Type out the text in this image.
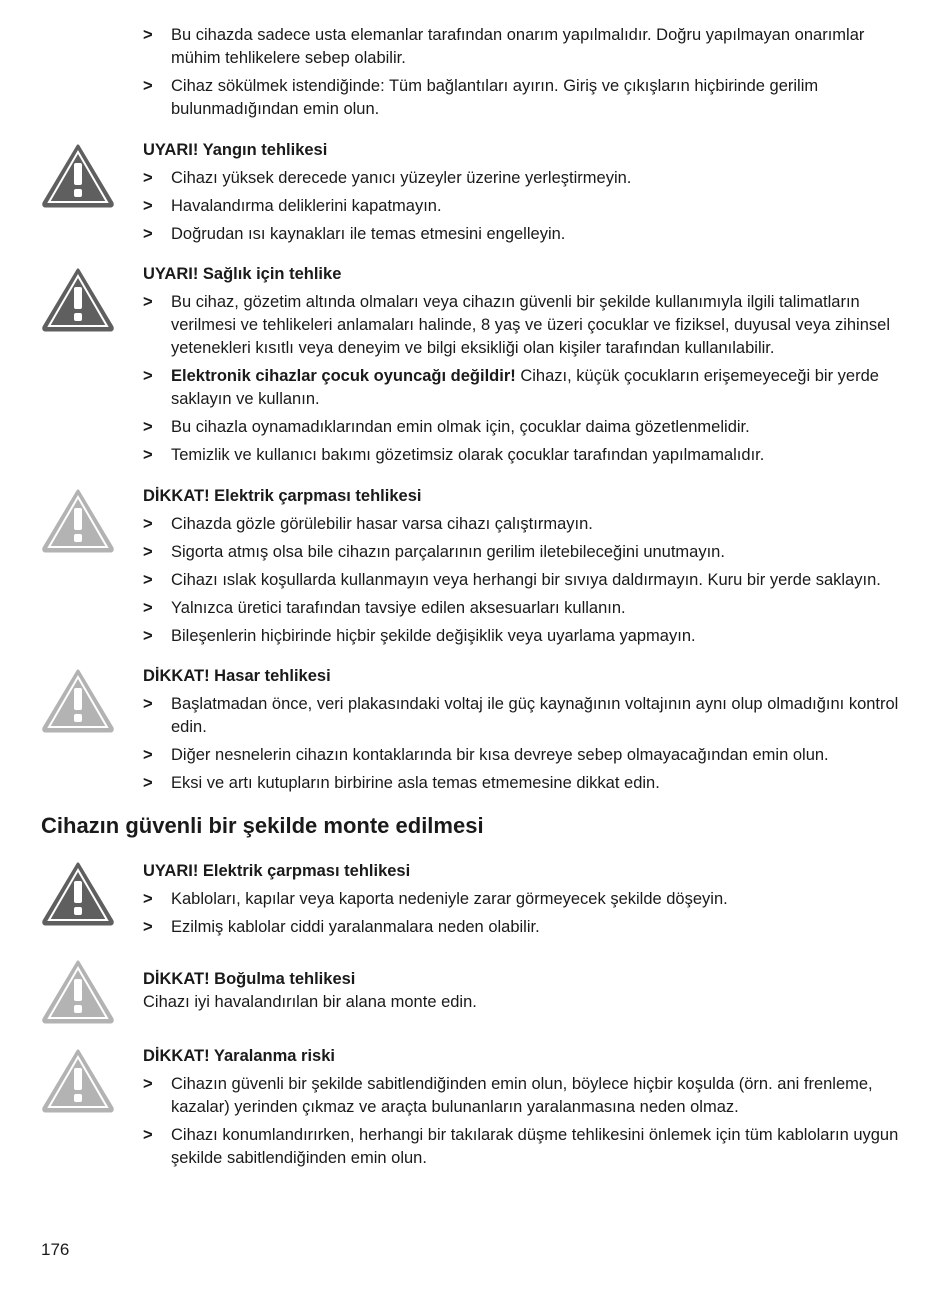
> Bu cihazda sadece usta elemanlar tarafından onarım yapılmalıdır. Doğru yapılmayan onarımlar mühim tehlikelere sebep olabilir.

> Cihaz sökülmek istendiğinde: Tüm bağlantıları ayırın. Giriş ve çıkışların hiçbirinde gerilim bulunmadığından emin olun.

UYARI! Yangın tehlikesi

> Cihazı yüksek derecede yanıcı yüzeyler üzerine yerleştirmeyin.

> Havalandırma deliklerini kapatmayın.

> Doğrudan ısı kaynakları ile temas etmesini engelleyin.

UYARI! Sağlık için tehlike

> Bu cihaz, gözetim altında olmaları veya cihazın güvenli bir şekilde kullanımıyla ilgili talimatların verilmesi ve tehlikeleri anlamaları halinde, 8 yaş ve üzeri çocuklar ve fiziksel, duyusal veya zihinsel yetenekleri kısıtlı veya deneyim ve bilgi eksikliği olan kişiler tarafından kullanılabilir.

> Elektronik cihazlar çocuk oyuncağı değildir! Cihazı, küçük çocukların erişemeyeceği bir yerde saklayın ve kullanın.

> Bu cihazla oynamadıklarından emin olmak için, çocuklar daima gözetlenmelidir.

> Temizlik ve kullanıcı bakımı gözetimsiz olarak çocuklar tarafından yapılmamalıdır.

DİKKAT! Elektrik çarpması tehlikesi

> Cihazda gözle görülebilir hasar varsa cihazı çalıştırmayın.

> Sigorta atmış olsa bile cihazın parçalarının gerilim iletebileceğini unutmayın.

> Cihazı ıslak koşullarda kullanmayın veya herhangi bir sıvıya daldırmayın. Kuru bir yerde saklayın.

> Yalnızca üretici tarafından tavsiye edilen aksesuarları kullanın.

> Bileşenlerin hiçbirinde hiçbir şekilde değişiklik veya uyarlama yapmayın.

DİKKAT! Hasar tehlikesi

> Başlatmadan önce, veri plakasındaki voltaj ile güç kaynağının voltajının aynı olup olmadığını kontrol edin.

> Diğer nesnelerin cihazın kontaklarında bir kısa devreye sebep olmayacağından emin olun.

> Eksi ve artı kutupların birbirine asla temas etmemesine dikkat edin.

Cihazın güvenli bir şekilde monte edilmesi

UYARI! Elektrik çarpması tehlikesi

> Kabloları, kapılar veya kaporta nedeniyle zarar görmeyecek şekilde döşeyin.

> Ezilmiş kablolar ciddi yaralanmalara neden olabilir.

DİKKAT! Boğulma tehlikesi

Cihazı iyi havalandırılan bir alana monte edin.

DİKKAT! Yaralanma riski

> Cihazın güvenli bir şekilde sabitlendiğinden emin olun, böylece hiçbir koşulda (örn. ani frenleme, kazalar) yerinden çıkmaz ve araçta bulunanların yaralanmasına neden olmaz.

> Cihazı konumlandırırken, herhangi bir takılarak düşme tehlikesini önlemek için tüm kabloların uygun şekilde sabitlendiğinden emin olun.

176
